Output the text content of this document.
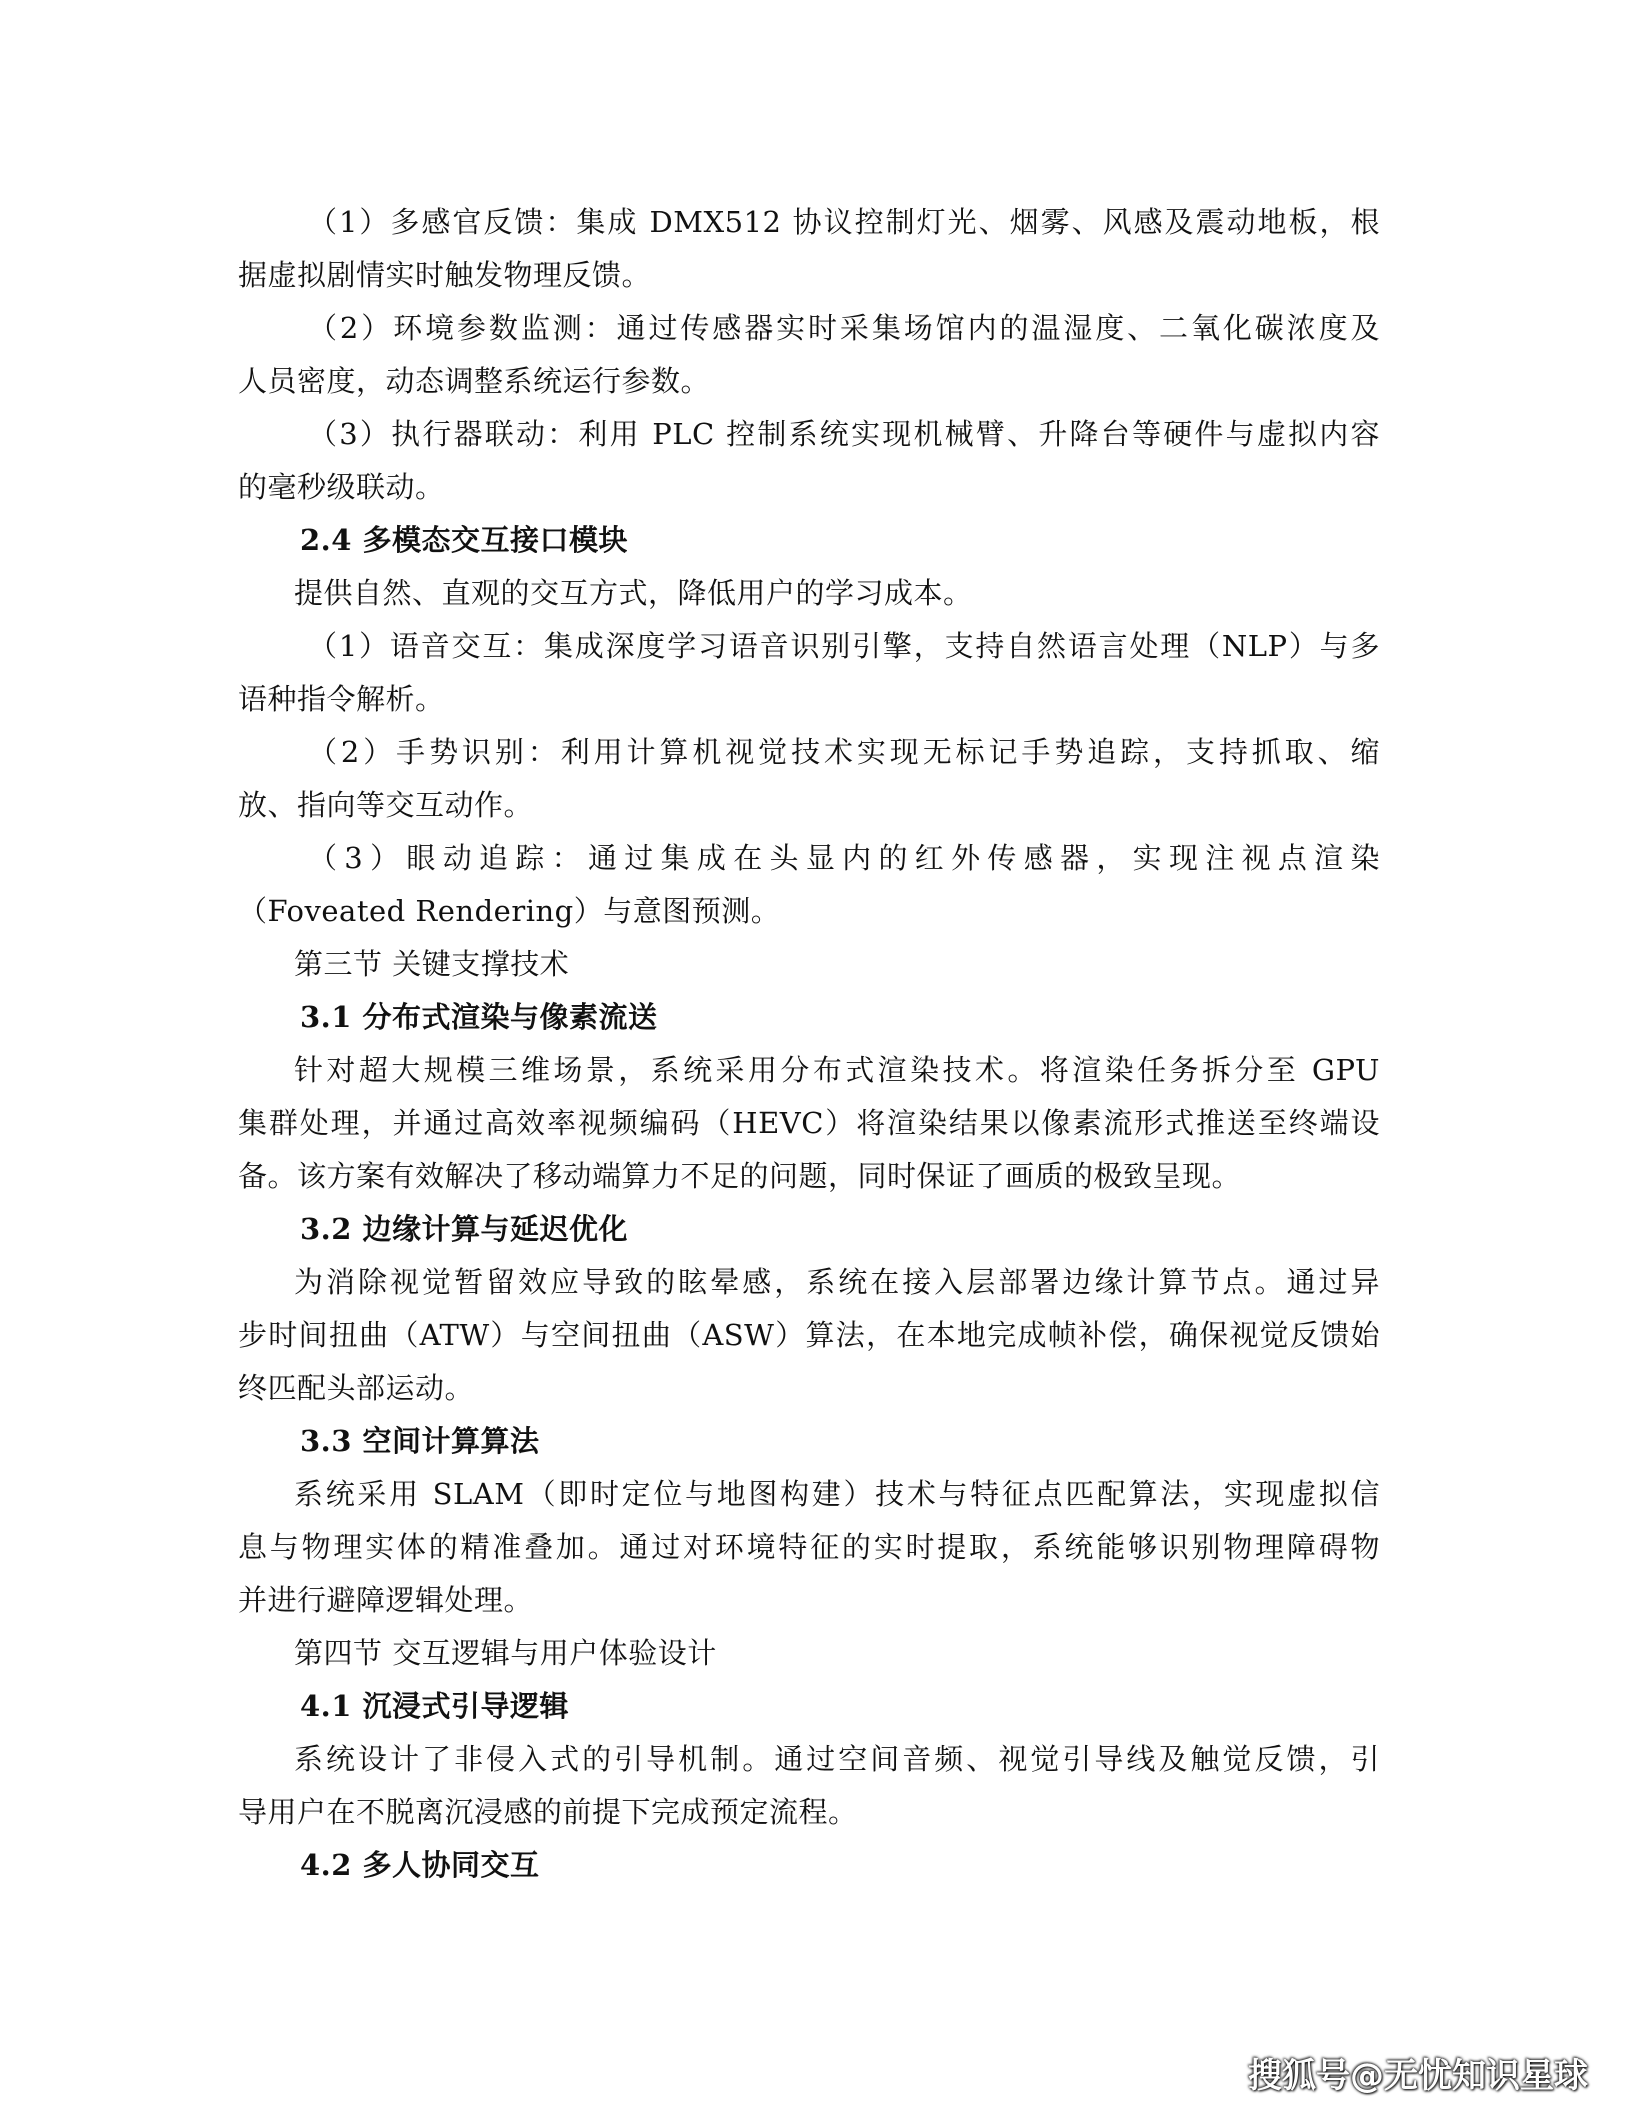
（1）多感官反馈：集成 DMX512 协议控制灯光、烟雾、风感及震动地板，根
据虚拟剧情实时触发物理反馈。
（2）环境参数监测：通过传感器实时采集场馆内的温湿度、二氧化碳浓度及
人员密度，动态调整系统运行参数。
（3）执行器联动：利用 PLC 控制系统实现机械臂、升降台等硬件与虚拟内容
的毫秒级联动。
2.4 多模态交互接口模块
提供自然、直观的交互方式，降低用户的学习成本。
（1）语音交互：集成深度学习语音识别引擎，支持自然语言处理（NLP）与多
语种指令解析。
（2）手势识别：利用计算机视觉技术实现无标记手势追踪，支持抓取、缩
放、指向等交互动作。
（3）眼动追踪：通过集成在头显内的红外传感器，实现注视点渲染
（Foveated Rendering）与意图预测。
第三节 关键支撑技术
3.1 分布式渲染与像素流送
针对超大规模三维场景，系统采用分布式渲染技术。将渲染任务拆分至 GPU
集群处理，并通过高效率视频编码（HEVC）将渲染结果以像素流形式推送至终端设
备。该方案有效解决了移动端算力不足的问题，同时保证了画质的极致呈现。
3.2 边缘计算与延迟优化
为消除视觉暂留效应导致的眩晕感，系统在接入层部署边缘计算节点。通过异
步时间扭曲（ATW）与空间扭曲（ASW）算法，在本地完成帧补偿，确保视觉反馈始
终匹配头部运动。
3.3 空间计算算法
系统采用 SLAM（即时定位与地图构建）技术与特征点匹配算法，实现虚拟信
息与物理实体的精准叠加。通过对环境特征的实时提取，系统能够识别物理障碍物
并进行避障逻辑处理。
第四节 交互逻辑与用户体验设计
4.1 沉浸式引导逻辑
系统设计了非侵入式的引导机制。通过空间音频、视觉引导线及触觉反馈，引
导用户在不脱离沉浸感的前提下完成预定流程。
4.2 多人协同交互
搜狐号@无忧知识星球
